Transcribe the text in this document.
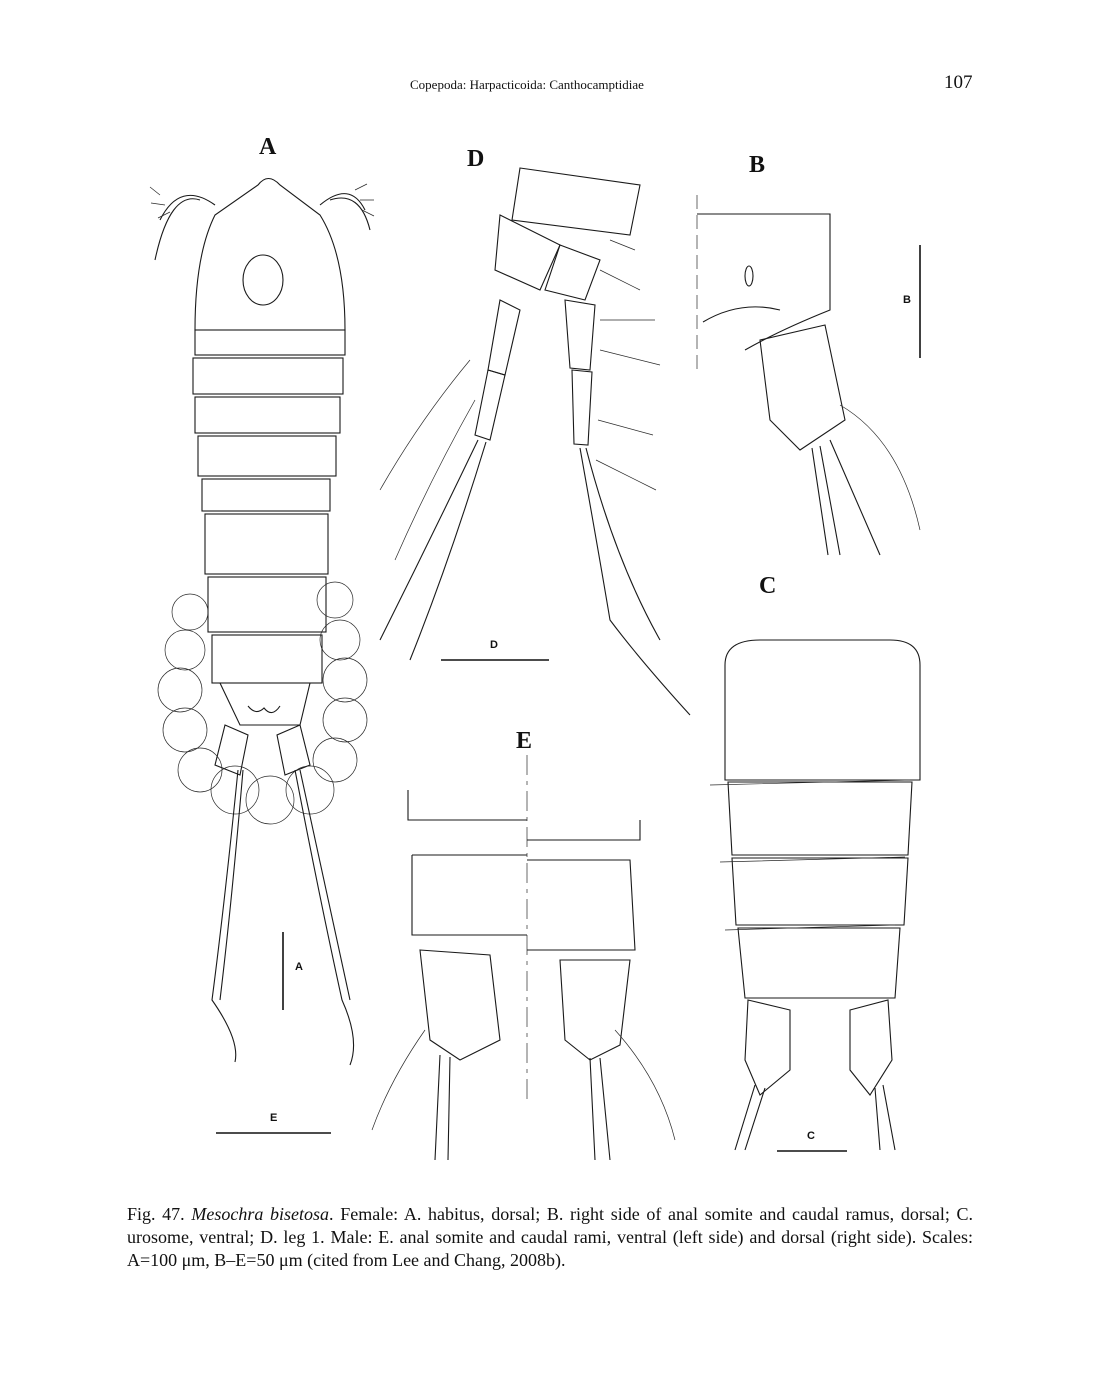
Copepoda: Harpacticoida: Canthocamptidiae	107
A	D	B
C
E
A
B
C
D
E
Fig. 47. Mesochra bisetosa. Female: A. habitus, dorsal; B. right side of anal somite and caudal ramus, dorsal; C. urosome, ventral; D. leg 1. Male: E. anal somite and caudal rami, ventral (left side) and dorsal (right side). Scales: A=100 μm, B–E=50 μm (cited from Lee and Chang, 2008b).
